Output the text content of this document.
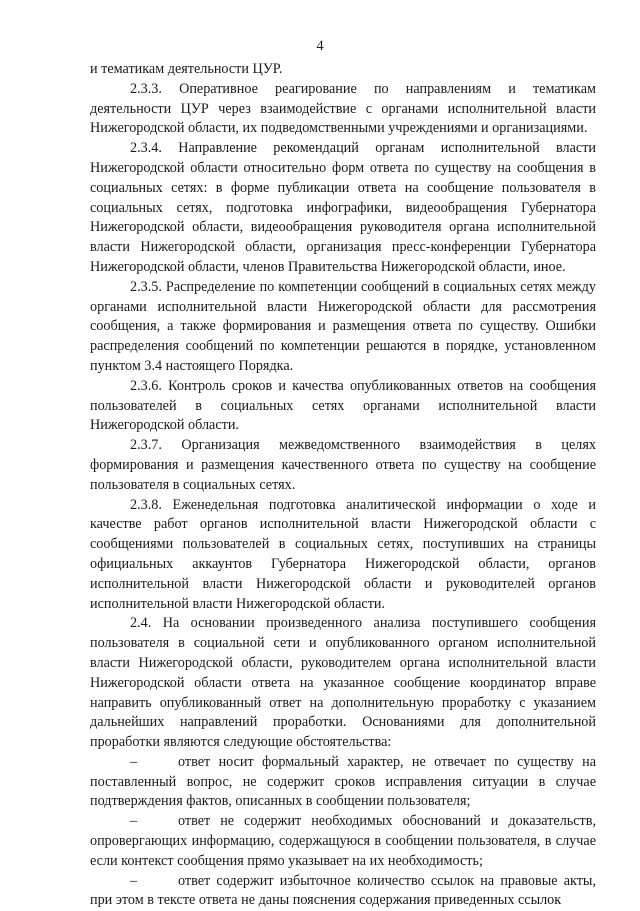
4

и тематикам деятельности ЦУР.

2.3.3. Оперативное реагирование по направлениям и тематикам деятельности ЦУР через взаимодействие с органами исполнительной власти Нижегородской области, их подведомственными учреждениями и организациями.

2.3.4. Направление рекомендаций органам исполнительной власти Нижегородской области относительно форм ответа по существу на сообщения в социальных сетях: в форме публикации ответа на сообщение пользователя в социальных сетях, подготовка инфографики, видеообращения Губернатора Нижегородской области, видеообращения руководителя органа исполнительной власти Нижегородской области, организация пресс-конференции Губернатора Нижегородской области, членов Правительства Нижегородской области, иное.

2.3.5. Распределение по компетенции сообщений в социальных сетях между органами исполнительной власти Нижегородской области для рассмотрения сообщения, а также формирования и размещения ответа по существу. Ошибки распределения сообщений по компетенции решаются в порядке, установленном пунктом 3.4 настоящего Порядка.

2.3.6. Контроль сроков и качества опубликованных ответов на сообщения пользователей в социальных сетях органами исполнительной власти Нижегородской области.

2.3.7. Организация межведомственного взаимодействия в целях формирования и размещения качественного ответа по существу на сообщение пользователя в социальных сетях.

2.3.8. Еженедельная подготовка аналитической информации о ходе и качестве работ органов исполнительной власти Нижегородской области с сообщениями пользователей в социальных сетях, поступивших на страницы официальных аккаунтов Губернатора Нижегородской области, органов исполнительной власти Нижегородской области и руководителей органов исполнительной власти Нижегородской области.

2.4. На основании произведенного анализа поступившего сообщения пользователя в социальной сети и опубликованного органом исполнительной власти Нижегородской области, руководителем органа исполнительной власти Нижегородской области ответа на указанное сообщение координатор вправе направить опубликованный ответ на дополнительную проработку с указанием дальнейших направлений проработки. Основаниями для дополнительной проработки являются следующие обстоятельства:

–	ответ носит формальный характер, не отвечает по существу на поставленный вопрос, не содержит сроков исправления ситуации в случае подтверждения фактов, описанных в сообщении пользователя;

–	ответ не содержит необходимых обоснований и доказательств, опровергающих информацию, содержащуюся в сообщении пользователя, в случае если контекст сообщения прямо указывает на их необходимость;

–	ответ содержит избыточное количество ссылок на правовые акты, при этом в тексте ответа не даны пояснения содержания приведенных ссылок
